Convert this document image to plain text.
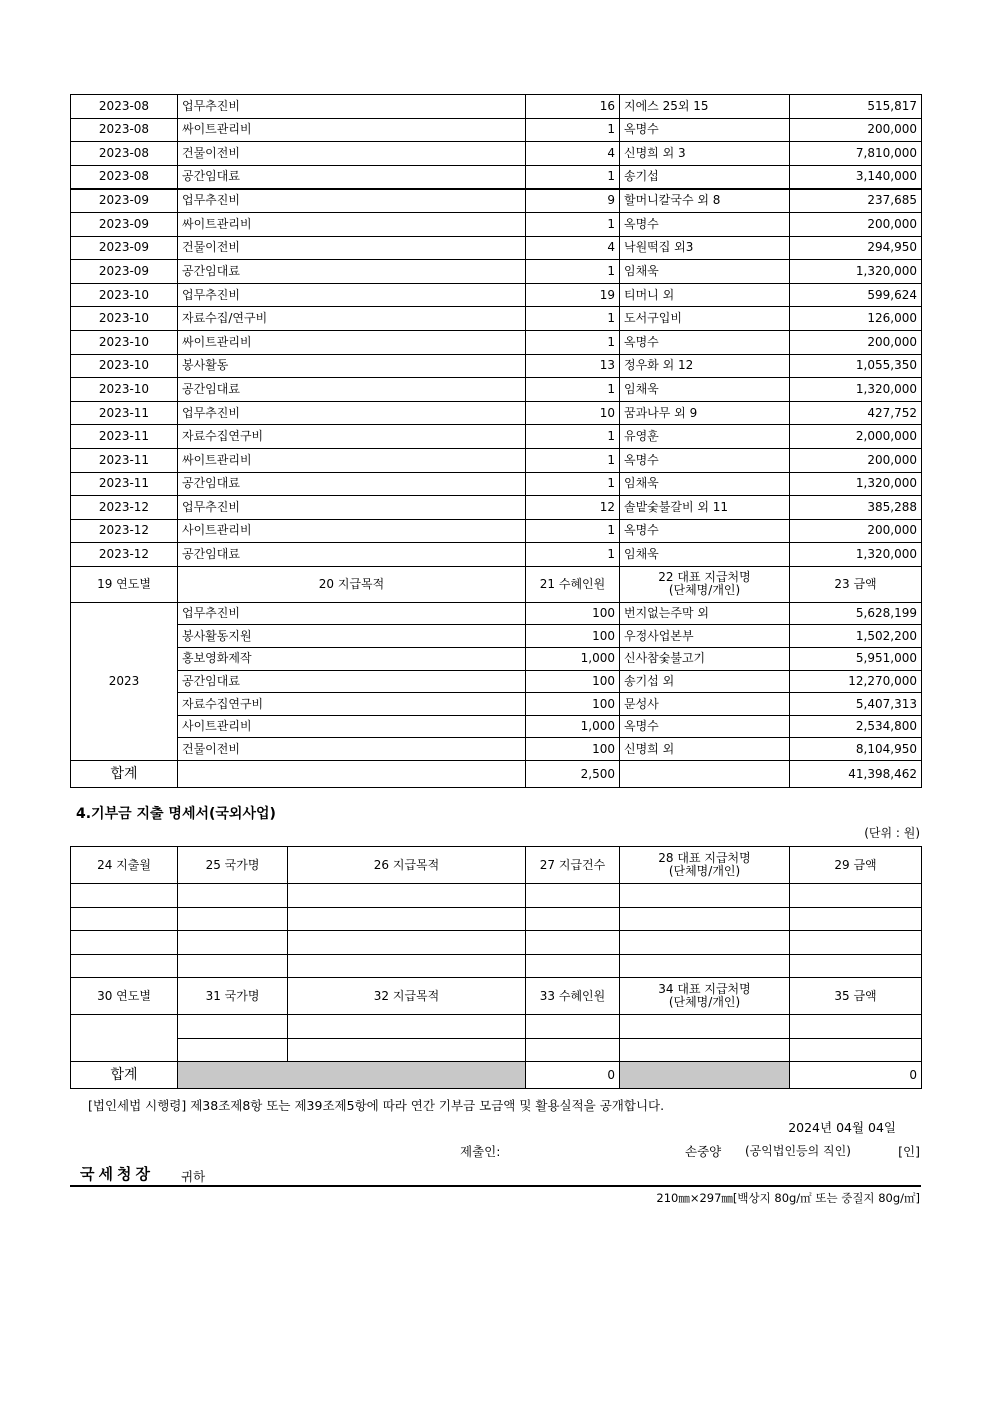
2023-08	업무추진비	16	지에스 25외 15	515,817
2023-08	싸이트관리비	1	옥명수	200,000
2023-08	건물이전비	4	신명희 외 3	7,810,000
2023-08	공간임대료	1	송기섭	3,140,000
2023-09	업무추진비	9	할머니칼국수 외 8	237,685
2023-09	싸이트관리비	1	옥명수	200,000
2023-09	건물이전비	4	낙원떡집 외3	294,950
2023-09	공간임대료	1	임채욱	1,320,000
2023-10	업무추진비	19	티머니 외	599,624
2023-10	자료수집/연구비	1	도서구입비	126,000
2023-10	싸이트관리비	1	옥명수	200,000
2023-10	봉사활동	13	정우화 외 12	1,055,350
2023-10	공간임대료	1	임채욱	1,320,000
2023-11	업무추진비	10	꿈과나무 외 9	427,752
2023-11	자료수집연구비	1	유영훈	2,000,000
2023-11	싸이트관리비	1	옥명수	200,000
2023-11	공간임대료	1	임채욱	1,320,000
2023-12	업무추진비	12	솔밭숯불갈비 외 11	385,288
2023-12	사이트관리비	1	옥명수	200,000
2023-12	공간임대료	1	임채욱	1,320,000
19 연도별	20 지급목적	21 수혜인원	22 대표 지급처명
(단체명/개인)	23 금액
2023	업무추진비	100	번지없는주막 외	5,628,199
	봉사활동지원	100	우정사업본부	1,502,200
	홍보영화제작	1,000	신사참숯불고기	5,951,000
	공간임대료	100	송기섭 외	12,270,000
	자료수집연구비	100	문성사	5,407,313
	사이트관리비	1,000	옥명수	2,534,800
	건물이전비	100	신명희 외	8,104,950
합계		2,500		41,398,462
4.기부금 지출 명세서(국외사업)
(단위 : 원)
24 지출월	25 국가명	26 지급목적	27 지급건수	28 대표 지급처명
(단체명/개인)	29 금액

30 연도별	31 국가명	32 지급목적	33 수혜인원	34 대표 지급처명
(단체명/개인)	35 금액

합계			0		0
[법인세법 시행령] 제38조제8항 또는 제39조제5항에 따라 연간 기부금 모금액 및 활용실적을 공개합니다.
2024년 04월 04일
제출인:	손중양 (공익법인등의 직인)	[인]
국세청장 귀하
210㎜×297㎜[백상지 80g/㎡ 또는 중질지 80g/㎡]
